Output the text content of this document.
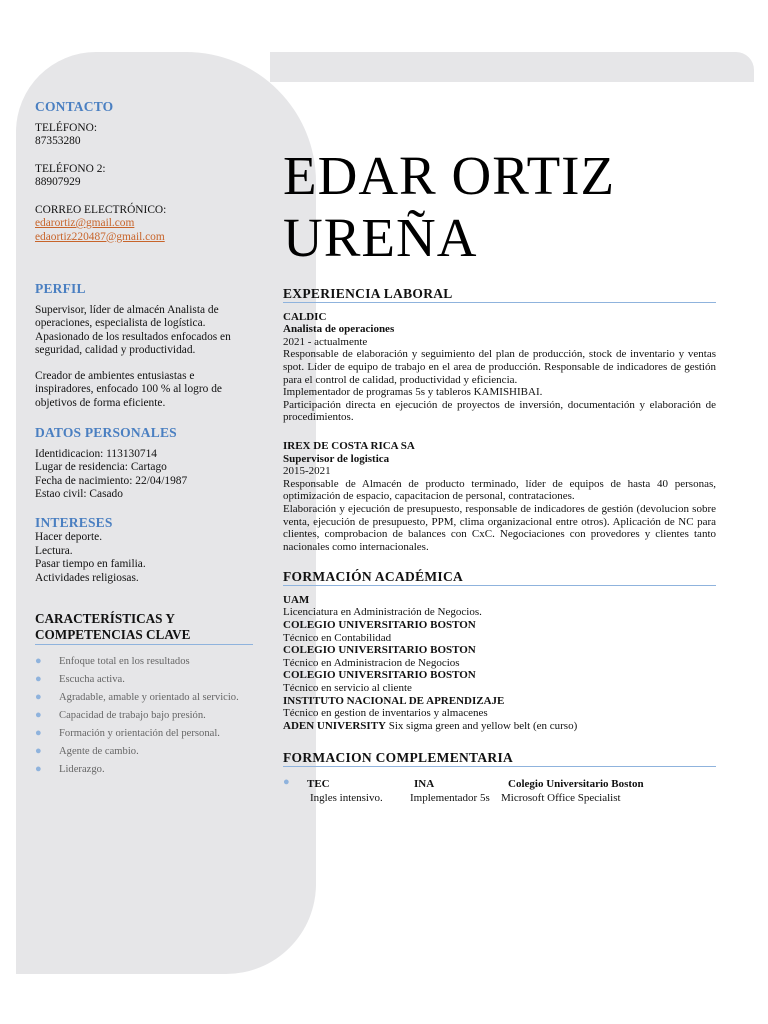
CONTACTO
TELÉFONO:
87353280
TELÉFONO 2:
88907929
CORREO ELECTRÓNICO:
edarortiz@gmail.com
edaortiz220487@gmail.com
PERFIL

Supervisor, líder de almacén Analista de operaciones, especialista de logística. Apasionado de los resultados enfocados en seguridad, calidad y productividad.

Creador de ambientes entusiastas e inspiradores, enfocado 100 % al logro de objetivos de forma eficiente.

DATOS PERSONALES
Identidicacion: 113130714
Lugar de residencia: Cartago
Fecha de nacimiento: 22/04/1987
Estao civil: Casado
INTERESES
Hacer deporte.
Lectura.
Pasar tiempo en familia.
Actividades religiosas.
CARACTERÍSTICAS Y COMPETENCIAS CLAVE
● Enfoque total en los resultados
● Escucha activa.
● Agradable, amable y orientado al servicio.
● Capacidad de trabajo bajo presión.
● Formación y orientación del personal.
● Agente de cambio.
● Liderazgo.
EDAR ORTIZ
UREÑA
EXPERIENCIA LABORAL
CALDIC
Analista de operaciones
2021 - actualmente
Responsable de elaboración y seguimiento del plan de producción, stock de inventario y ventas spot. Líder de equipo de trabajo en el area de producción. Responsable de indicadores de gestión para el control de calidad, productividad y eficiencia.
Implementador de programas 5s y tableros KAMISHIBAI.
Participación directa en ejecución de proyectos de inversión, documentación y elaboración de procedimientos.
IREX DE COSTA RICA SA
Supervisor de logistica
2015-2021
Responsable de Almacén de producto terminado, líder de equipos de hasta 40 personas, optimización de espacio, capacitacion de personal, contrataciones.
Elaboración y ejecución de presupuesto, responsable de indicadores de gestión (devolucion sobre venta, ejecución de presupuesto, PPM, clima organizacional entre otros). Aplicación de NC para clientes, comprobacion de balances con CxC. Negociaciones con provedores y clientes tanto nacionales como internacionales.
FORMACIÓN ACADÉMICA
UAM
Licenciatura en Administración de Negocios.
COLEGIO UNIVERSITARIO BOSTON
Técnico en Contabilidad
COLEGIO UNIVERSITARIO BOSTON
Técnico en Administracion de Negocios
COLEGIO UNIVERSITARIO BOSTON
Técnico en servicio al cliente
INSTITUTO NACIONAL DE APRENDIZAJE
Técnico en gestion de inventarios y almacenes
ADEN UNIVERSITY Six sigma green and yellow belt (en curso)
FORMACION COMPLEMENTARIA
● TEC
Ingles intensivo.
INA
Implementador 5s
Colegio Universitario Boston
Microsoft Office Specialist
